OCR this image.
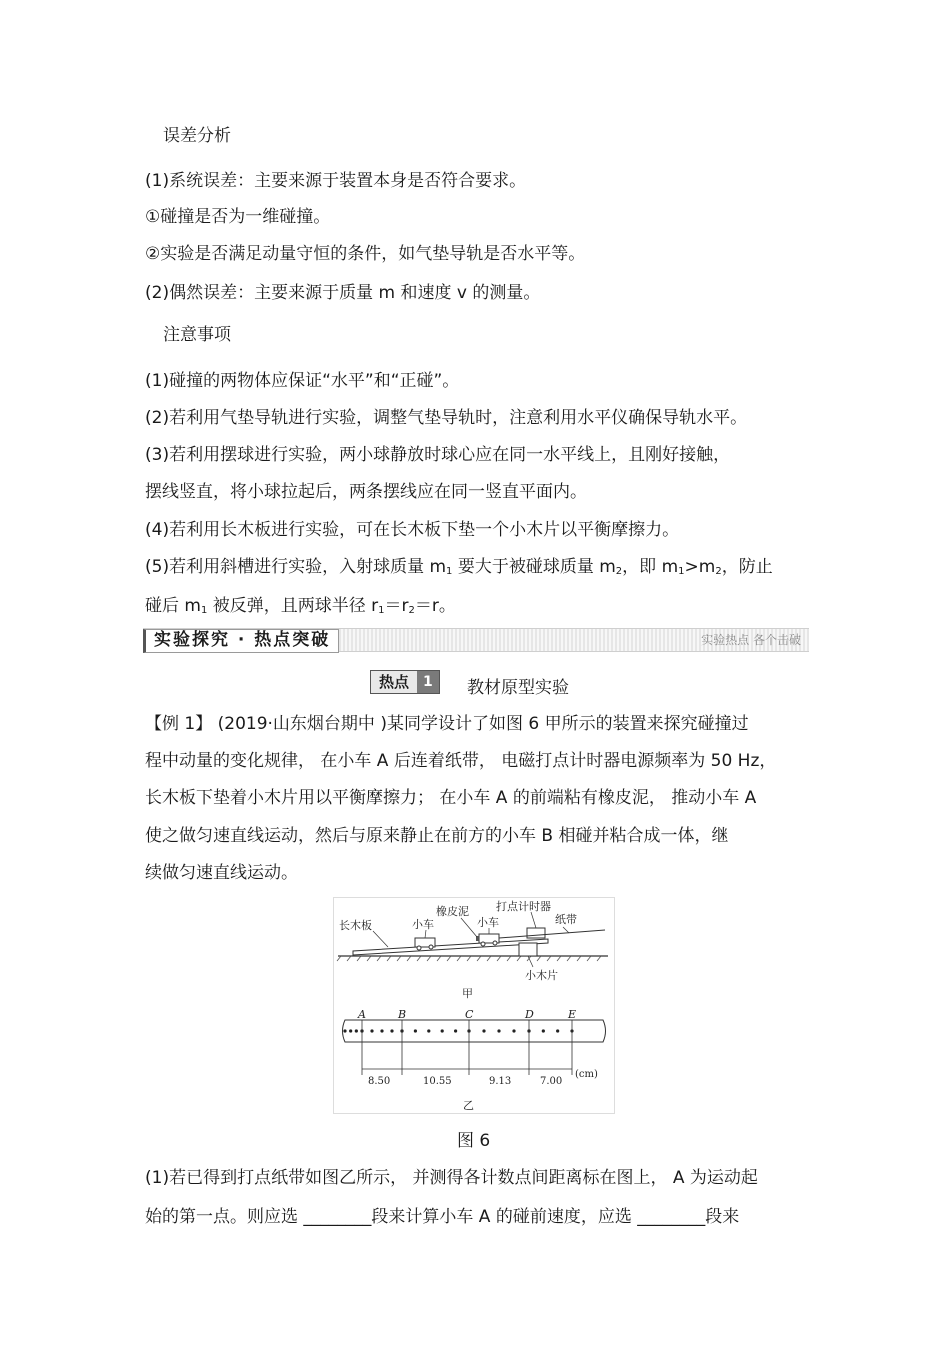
误差分析
(1)系统误差：主要来源于装置本身是否符合要求。
①碰撞是否为一维碰撞。
②实验是否满足动量守恒的条件，如气垫导轨是否水平等。
(2)偶然误差：主要来源于质量 m 和速度 v 的测量。
注意事项
(1)碰撞的两物体应保证“水平”和“正碰”。
(2)若利用气垫导轨进行实验，调整气垫导轨时，注意利用水平仪确保导轨水平。
(3)若利用摆球进行实验，两小球静放时球心应在同一水平线上，且刚好接触，
摆线竖直，将小球拉起后，两条摆线应在同一竖直平面内。
(4)若利用长木板进行实验，可在长木板下垫一个小木片以平衡摩擦力。
(5)若利用斜槽进行实验，入射球质量 $m_1$ 要大于被碰球质量 $m_2$，即 $m_1>m_2$，防止
碰后 $m_1$ 被反弹，且两球半径 $r_1=r_2=r$。
实验探究 · 热点突破	实验热点 各个击破
热点	1	教材原型实验
【例 1】 (2019·山东烟台期中 )某同学设计了如图 6 甲所示的装置来探究碰撞过
程中动量的变化规律， 在小车 A 后连着纸带， 电磁打点计时器电源频率为 50 Hz，
长木板下垫着小木片用以平衡摩擦力； 在小车 A 的前端粘有橡皮泥， 推动小车 A
使之做匀速直线运动，然后与原来静止在前方的小车 B 相碰并粘合成一体，继
续做匀速直线运动。
长木板	小车
橡皮泥
小车
打点计时器
纸带
小木片
甲
乙
8.50	10.55	9.13	7.00
(cm)
A	B	C	D	E
图 6
(1)若已得到打点纸带如图乙所示， 并测得各计数点间距离标在图上， A 为运动起
始的第一点。则应选 ________段来计算小车 A 的碰前速度，应选 ________段来
